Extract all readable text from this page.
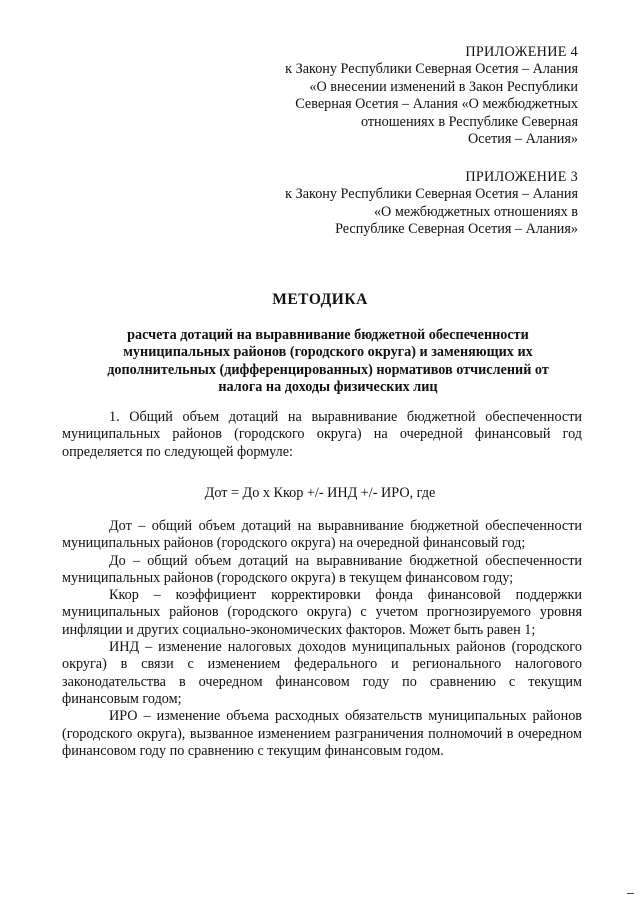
ПРИЛОЖЕНИЕ 4
к Закону Республики Северная Осетия – Алания
«О внесении изменений в Закон Республики
Северная Осетия – Алания «О межбюджетных
отношениях в Республике Северная
Осетия – Алания»
ПРИЛОЖЕНИЕ 3
к Закону Республики Северная Осетия – Алания
«О межбюджетных отношениях в
Республике Северная Осетия – Алания»
МЕТОДИКА
расчета дотаций на выравнивание бюджетной обеспеченности муниципальных районов (городского округа) и заменяющих их дополнительных (дифференцированных) нормативов отчислений от налога на доходы физических лиц

1. Общий объем дотаций на выравнивание бюджетной обеспеченности муниципальных районов (городского округа) на очередной финансовый год определяется по следующей формуле:

Дот = До х Ккор +/- ИНД +/- ИРО, где

Дот – общий объем дотаций на выравнивание бюджетной обеспеченности муниципальных районов (городского округа) на очередной финансовый год;

До – общий объем дотаций на выравнивание бюджетной обеспеченности муниципальных районов (городского округа) в текущем финансовом году;

Ккор – коэффициент корректировки фонда финансовой поддержки муниципальных районов (городского округа) с учетом прогнозируемого уровня инфляции и других социально-экономических факторов. Может быть равен 1;

ИНД – изменение налоговых доходов муниципальных районов (городского округа) в связи с изменением федерального и регионального налогового законодательства в очередном финансовом году по сравнению с текущим финансовым годом;

ИРО – изменение объема расходных обязательств муниципальных районов (городского округа), вызванное изменением разграничения полномочий в очередном финансовом году по сравнению с текущим финансовым годом.
